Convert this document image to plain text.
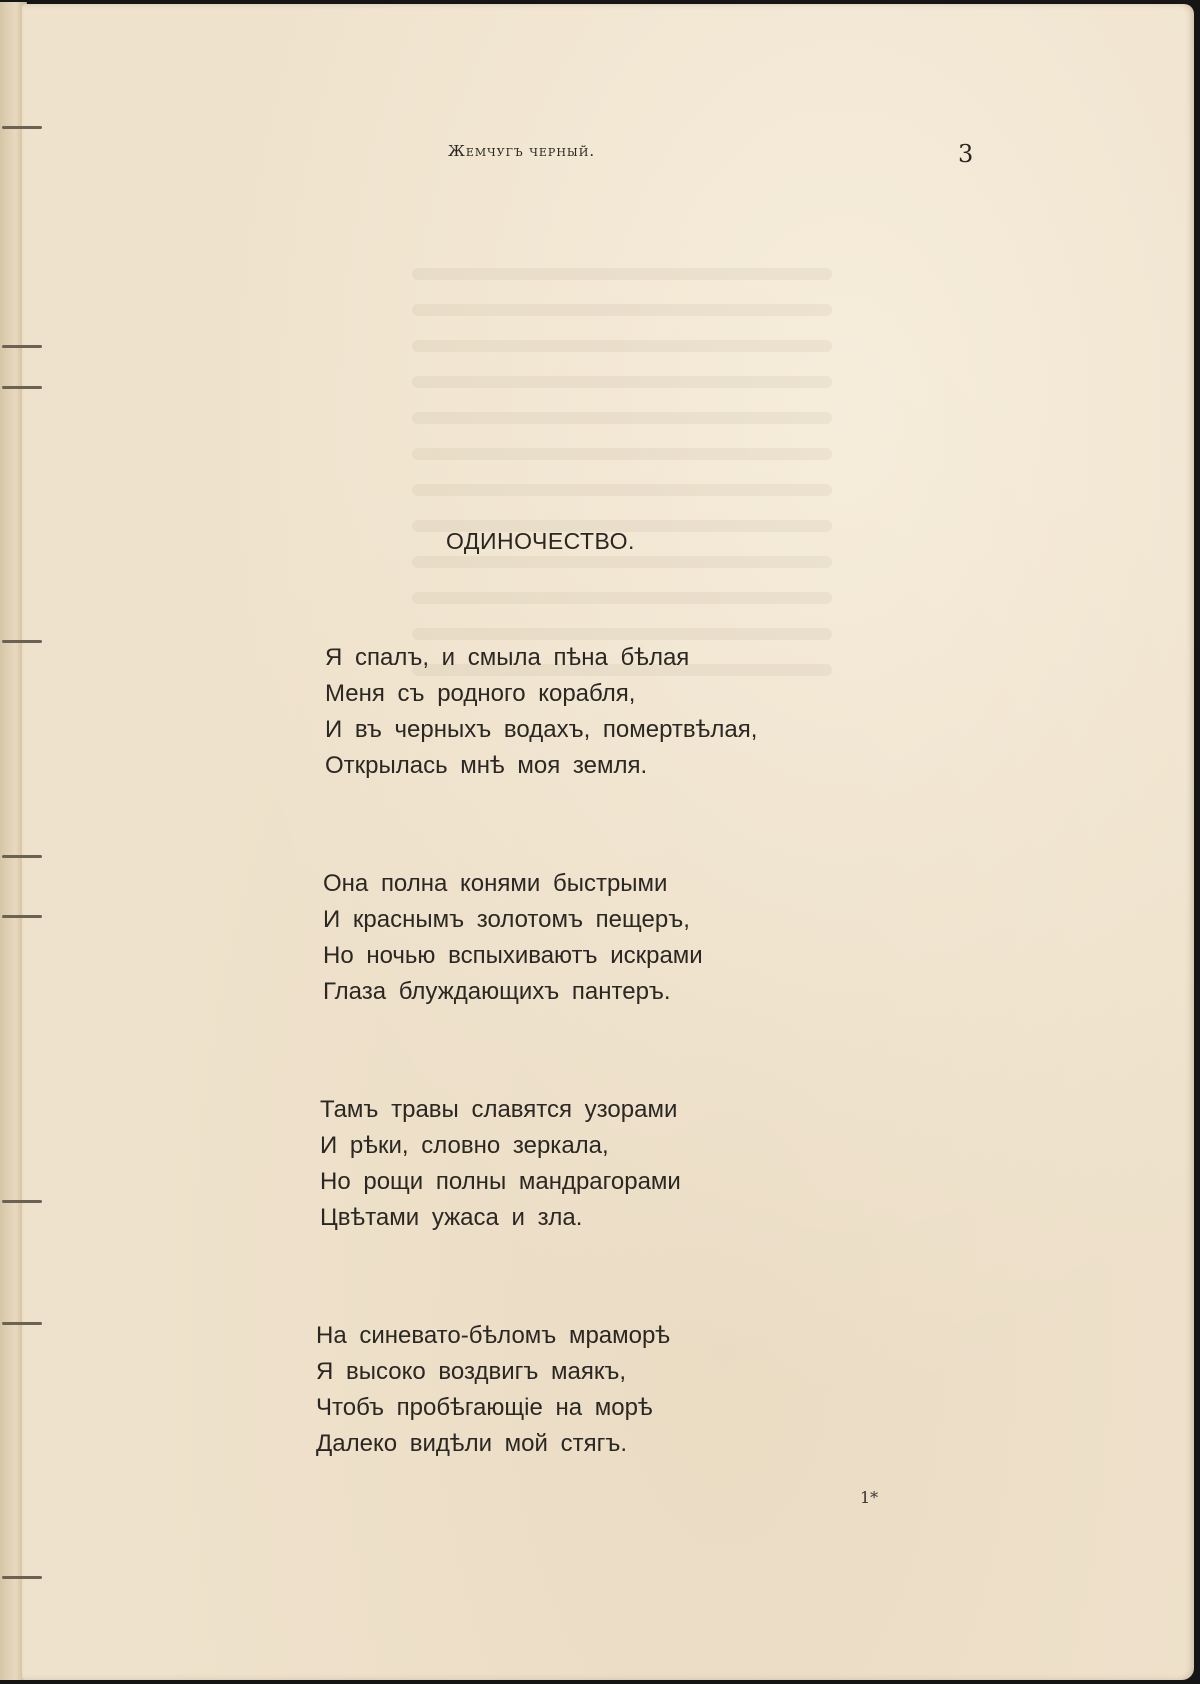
Жемчугъ черный.	3
ОДИНОЧЕСТВО.
Я спалъ, и смыла пѣна бѣлая
Меня съ родного корабля,
И въ черныхъ водахъ, помертвѣлая,
Открылась мнѣ моя земля.
Она полна конями быстрыми
И краснымъ золотомъ пещеръ,
Но ночью вспыхиваютъ искрами
Глаза блуждающихъ пантеръ.
Тамъ травы славятся узорами
И рѣки, словно зеркала,
Но рощи полны мандрагорами
Цвѣтами ужаса и зла.
На синевато-бѣломъ мраморѣ
Я высоко воздвигъ маякъ,
Чтобъ пробѣгающіе на морѣ
Далеко видѣли мой стягъ.
1*
